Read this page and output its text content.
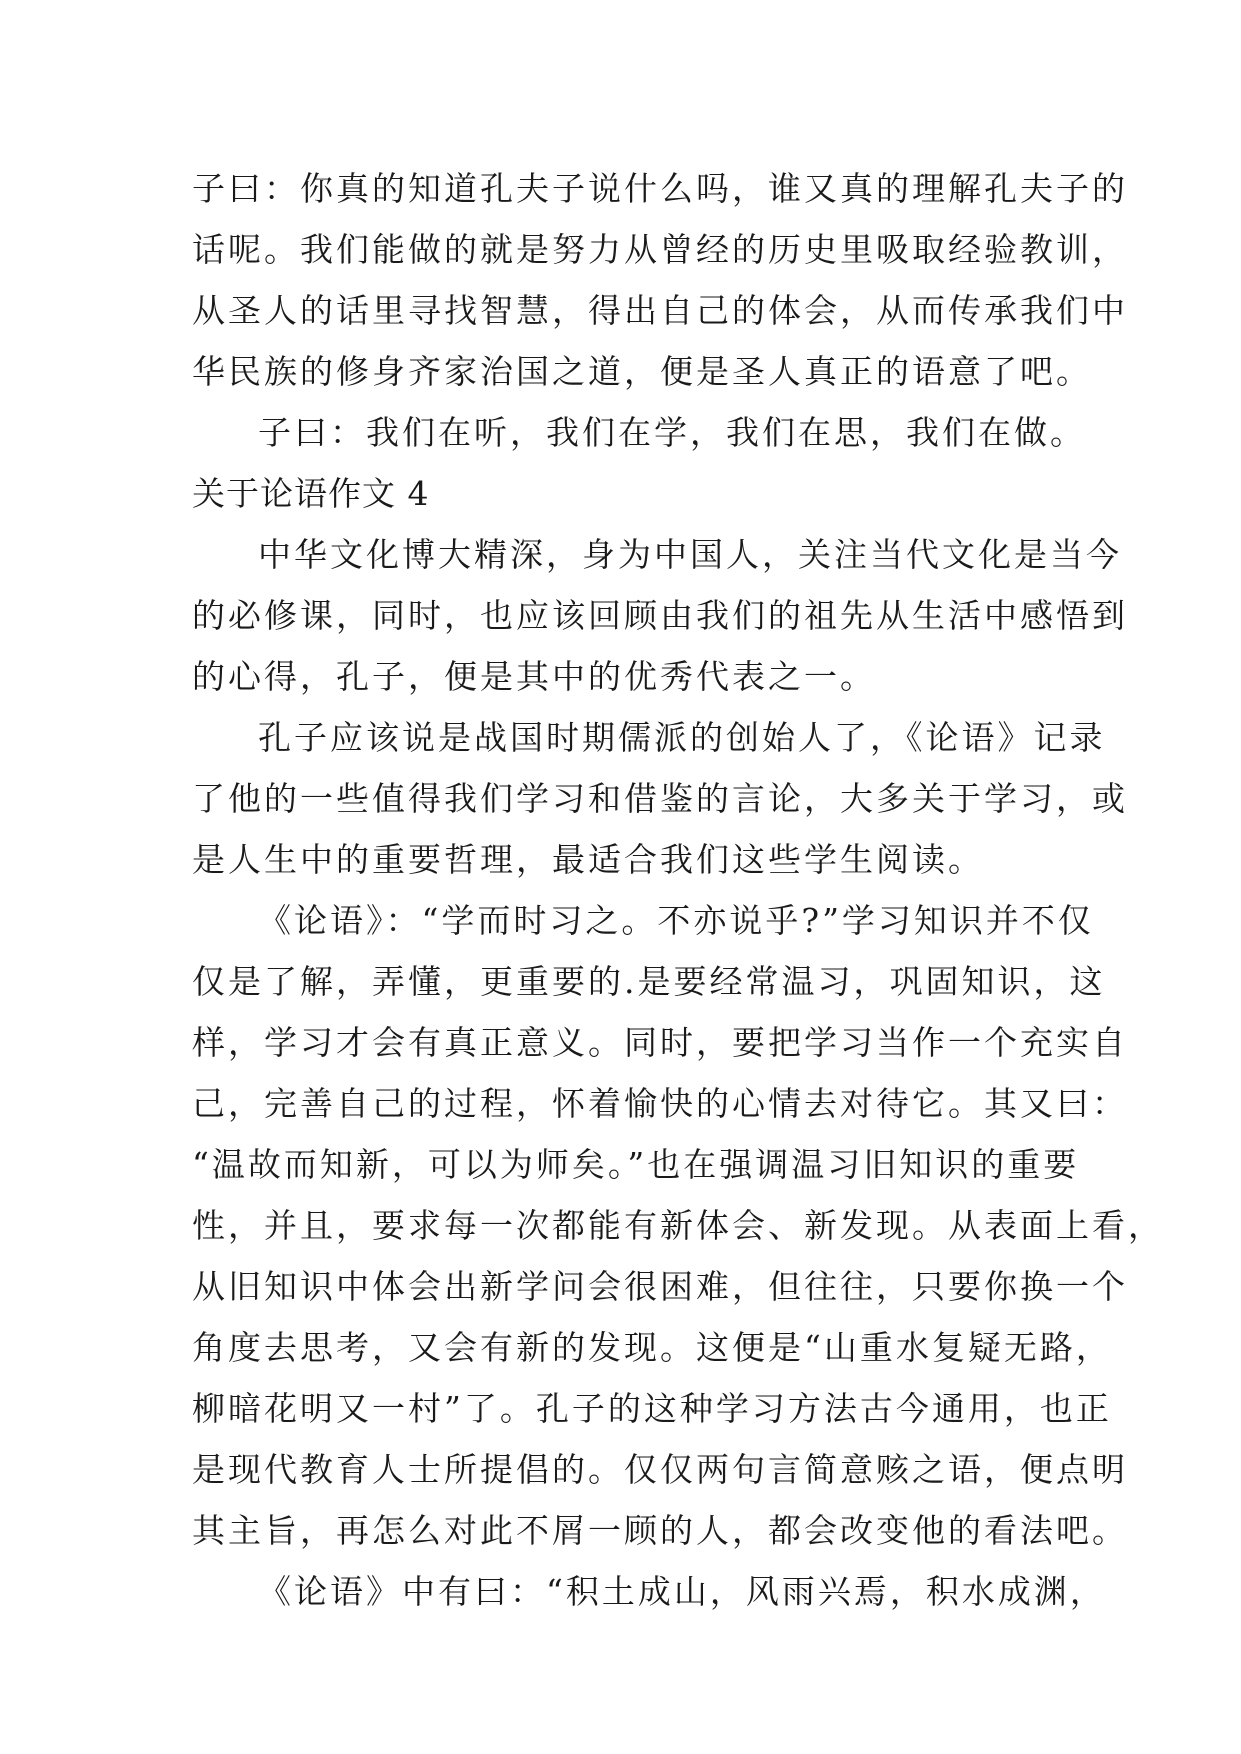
子曰：你真的知道孔夫子说什么吗，谁又真的理解孔夫子的
话呢。我们能做的就是努力从曾经的历史里吸取经验教训，
从圣人的话里寻找智慧，得出自己的体会，从而传承我们中
华民族的修身齐家治国之道，便是圣人真正的语意了吧。
子曰：我们在听，我们在学，我们在思，我们在做。
关于论语作文 4
中华文化博大精深，身为中国人，关注当代文化是当今
的必修课，同时，也应该回顾由我们的祖先从生活中感悟到
的心得，孔子，便是其中的优秀代表之一。
孔子应该说是战国时期儒派的创始人了，《论语》记录
了他的一些值得我们学习和借鉴的言论，大多关于学习，或
是人生中的重要哲理，最适合我们这些学生阅读。
《论语》：“学而时习之。不亦说乎?”学习知识并不仅
仅是了解，弄懂，更重要的.是要经常温习，巩固知识，这
样，学习才会有真正意义。同时，要把学习当作一个充实自
己，完善自己的过程，怀着愉快的心情去对待它。其又曰：
“温故而知新，可以为师矣。”也在强调温习旧知识的重要
性，并且，要求每一次都能有新体会、新发现。从表面上看，
从旧知识中体会出新学问会很困难，但往往，只要你换一个
角度去思考，又会有新的发现。这便是“山重水复疑无路，
柳暗花明又一村”了。孔子的这种学习方法古今通用，也正
是现代教育人士所提倡的。仅仅两句言简意赅之语，便点明
其主旨，再怎么对此不屑一顾的人，都会改变他的看法吧。
《论语》中有曰：“积土成山，风雨兴焉，积水成渊，
